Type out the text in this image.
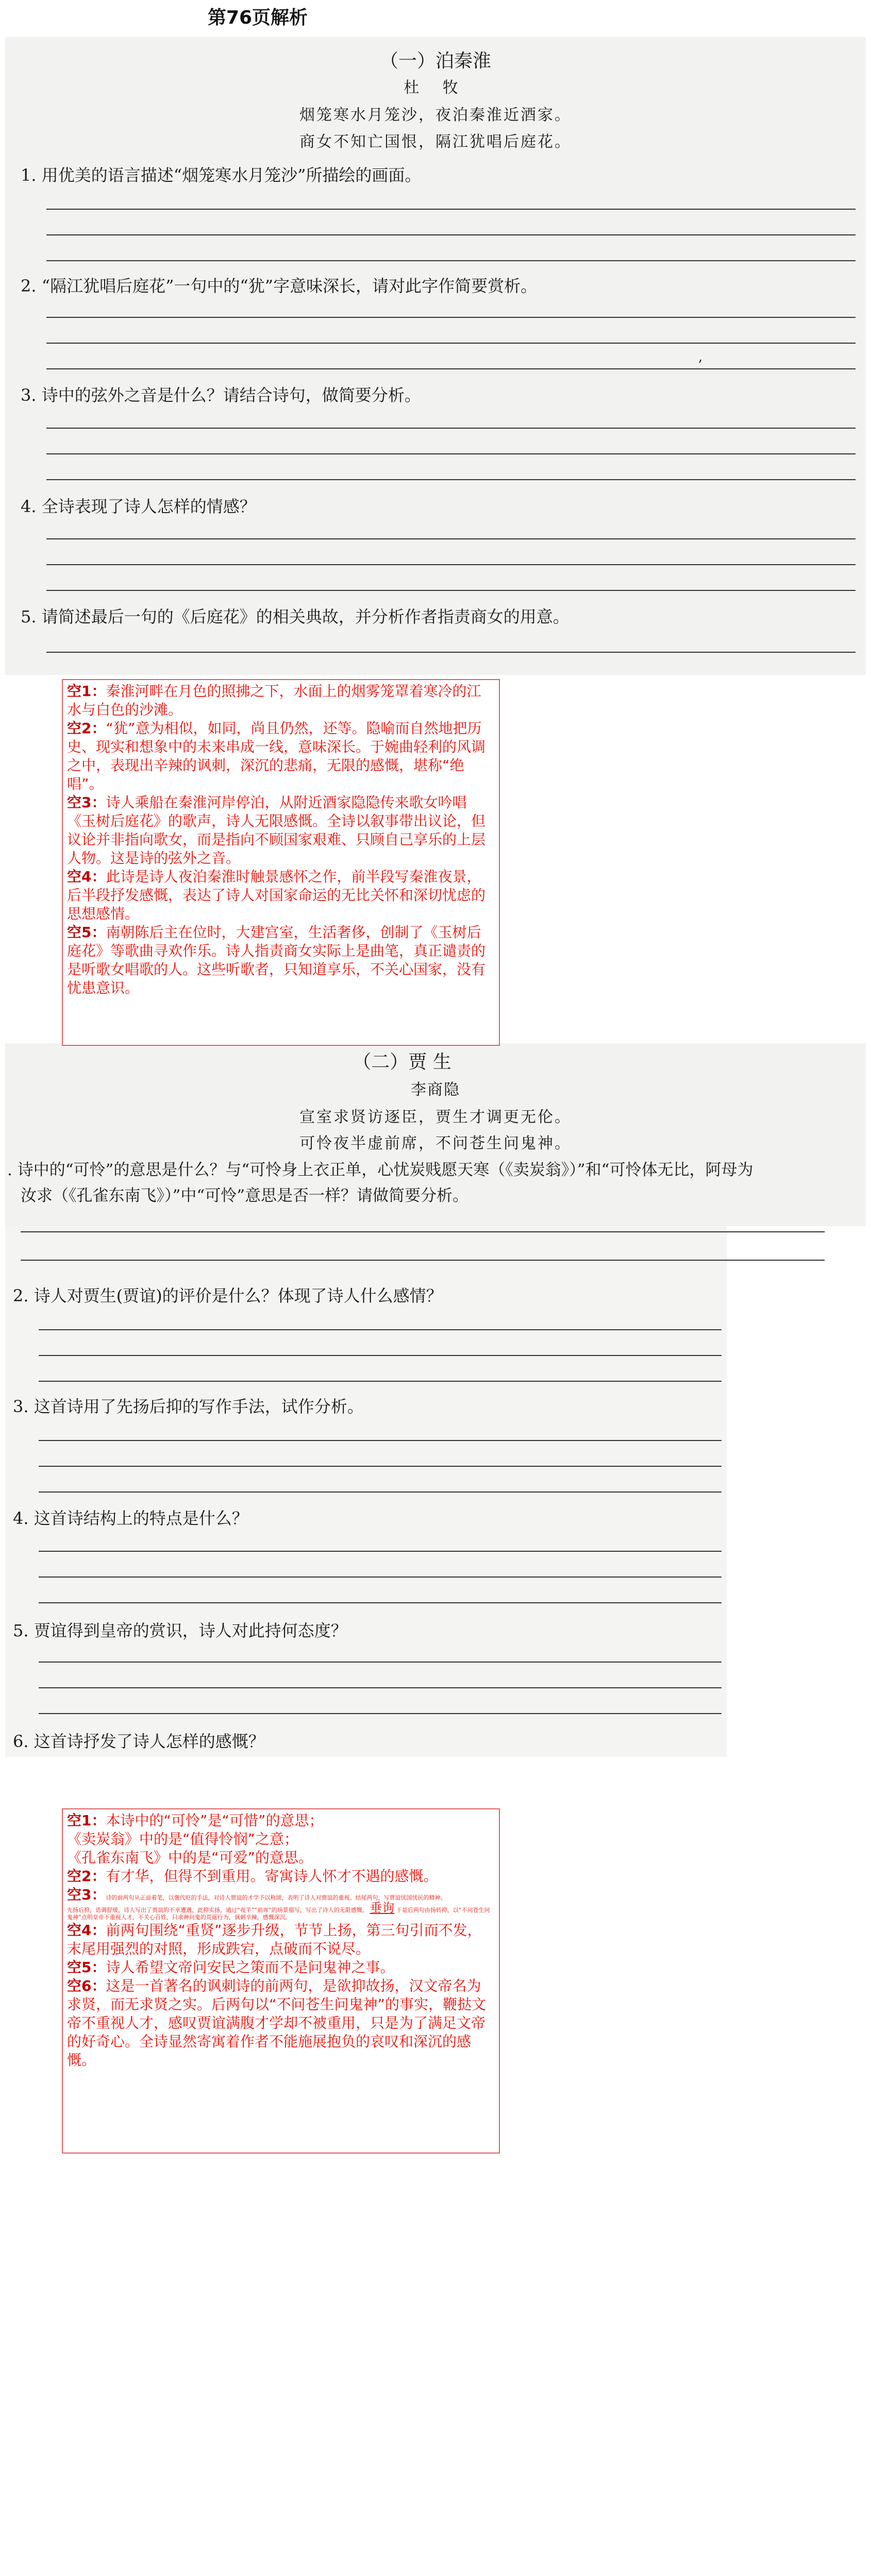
第76页解析
（一）泊秦淮
杜 牧
烟笼寒水月笼沙，夜泊秦淮近酒家。
商女不知亡国恨，隔江犹唱后庭花。
1. 用优美的语言描述“烟笼寒水月笼沙”所描绘的画面。
2. “隔江犹唱后庭花”一句中的“犹”字意味深长，请对此字作简要赏析。
,
3. 诗中的弦外之音是什么？请结合诗句，做简要分析。
4. 全诗表现了诗人怎样的情感？
5. 请简述最后一句的《后庭花》的相关典故，并分析作者指责商女的用意。

空1：秦淮河畔在月色的照拂之下，水面上的烟雾笼罩着寒冷的江水与白色的沙滩。

空2：“犹”意为相似，如同，尚且仍然，还等。隐喻而自然地把历史、现实和想象中的未来串成一线，意味深长。于婉曲轻利的风调之中，表现出辛辣的讽刺，深沉的悲痛，无限的感慨，堪称“绝唱”。

空3：诗人乘船在秦淮河岸停泊，从附近酒家隐隐传来歌女吟唱《玉树后庭花》的歌声，诗人无限感慨。全诗以叙事带出议论，但议论并非指向歌女，而是指向不顾国家艰难、只顾自己享乐的上层人物。这是诗的弦外之音。

空4：此诗是诗人夜泊秦淮时触景感怀之作，前半段写秦淮夜景，后半段抒发感慨，表达了诗人对国家命运的无比关怀和深切忧虑的思想感情。

空5：南朝陈后主在位时，大建宫室，生活奢侈，创制了《玉树后庭花》等歌曲寻欢作乐。诗人指责商女实际上是曲笔，真正谴责的是听歌女唱歌的人。这些听歌者，只知道享乐，不关心国家，没有忧患意识。

（二）贾 生
李商隐
宣室求贤访逐臣，贾生才调更无伦。
可怜夜半虚前席，不问苍生问鬼神。
. 诗中的“可怜”的意思是什么？与“可怜身上衣正单，心忧炭贱愿天寒（《卖炭翁》）”和“可怜体无比，阿母为
汝求（《孔雀东南飞》）”中“可怜”意思是否一样？请做简要分析。
2. 诗人对贾生(贾谊)的评价是什么？体现了诗人什么感情？
3. 这首诗用了先扬后抑的写作手法，试作分析。
4. 这首诗结构上的特点是什么？
5. 贾谊得到皇帝的赏识，诗人对此持何态度？
6. 这首诗抒发了诗人怎样的感慨？

空1：本诗中的“可怜”是“可惜”的意思；

《卖炭翁》中的是“值得怜悯”之意；

《孔雀东南飞》中的是“可爱”的意思。

空2：有才华，但得不到重用。寄寓诗人怀才不遇的感慨。

空3：诗的前两句从正面着笔，以褒代贬的手法，对诗人贾谊的才学予以称颂，表明了诗人对贾谊的重视。结尾两句，写贾谊忧国忧民的精神。

先扬后抑，语调舒缓，诗人写出了贾谊的不幸遭遇，此抑实扬，通过“夜半”“前席”的场景描写，写出了诗人的无限感慨。 垂询 于是后两句由扬转抑，以“不问苍生问鬼神”点明皇帝不重视人才，不关心百姓，只求神问鬼的荒诞行为，讽刺辛辣，感慨深沉。

空4：前两句围绕“重贤”逐步升级，节节上扬，第三句引而不发，末尾用强烈的对照，形成跌宕，点破而不说尽。

空5：诗人希望文帝问安民之策而不是问鬼神之事。

空6：这是一首著名的讽刺诗的前两句，是欲抑故扬，汉文帝名为求贤，而无求贤之实。后两句以“不问苍生问鬼神”的事实，鞭挞文帝不重视人才，感叹贾谊满腹才学却不被重用，只是为了满足文帝的好奇心。全诗显然寄寓着作者不能施展抱负的哀叹和深沉的感慨。
